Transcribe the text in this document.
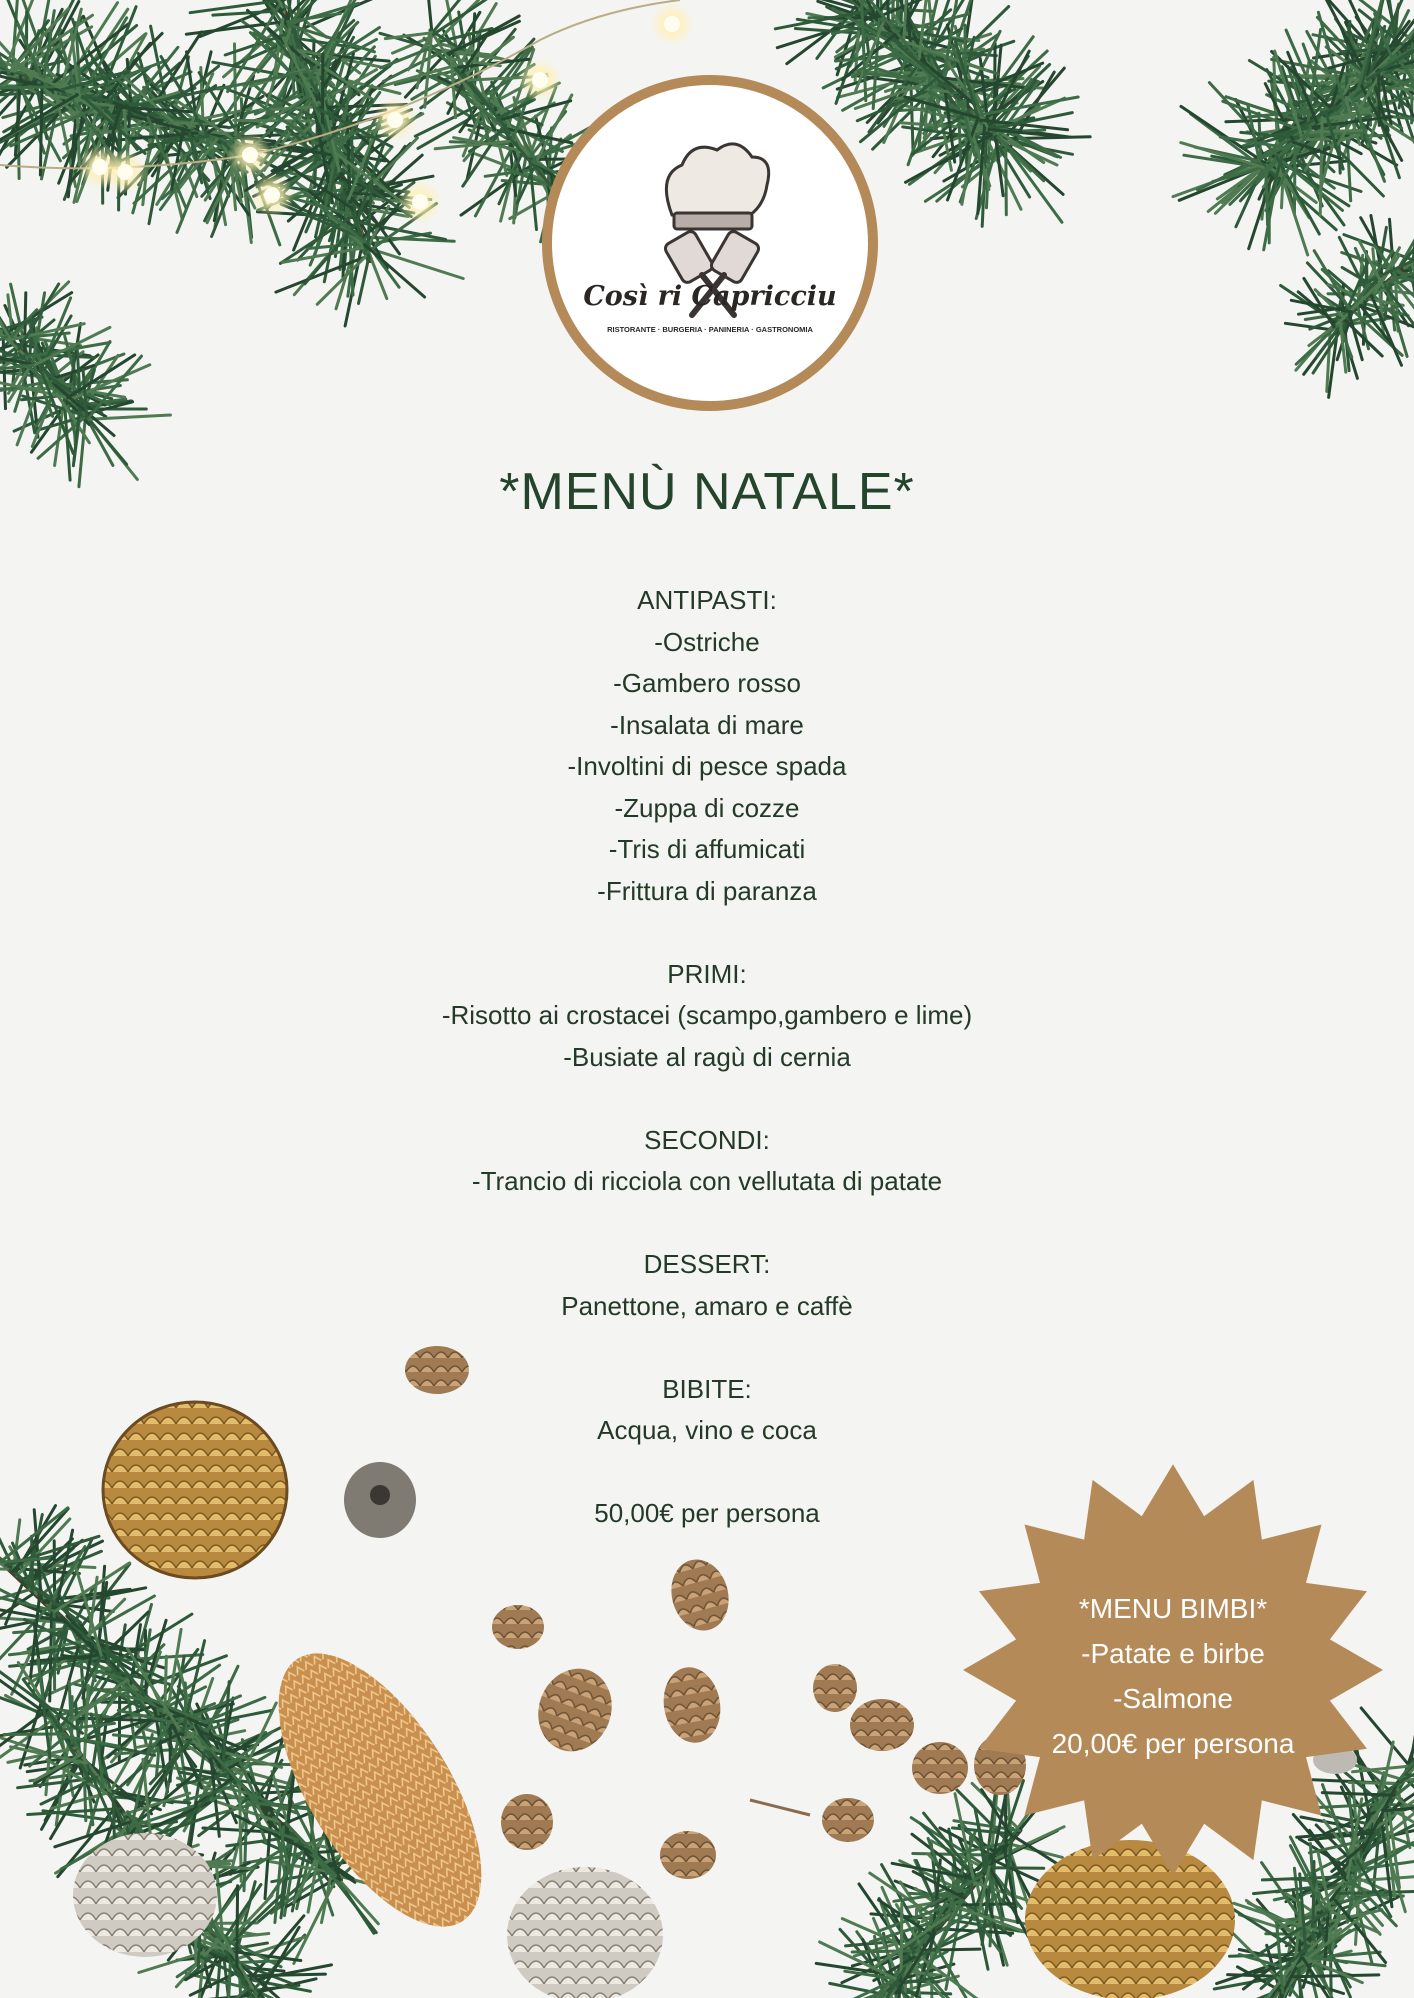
Così ri Capricciu
RISTORANTE · BURGERIA · PANINERIA · GASTRONOMIA
*MENÙ NATALE*
ANTIPASTI:
-Ostriche
-Gambero rosso
-Insalata di mare
-Involtini di pesce spada
-Zuppa di cozze
-Tris di affumicati
-Frittura di paranza
PRIMI:
-Risotto ai crostacei (scampo,gambero e lime)
-Busiate al ragù di cernia
SECONDI:
-Trancio di ricciola con vellutata di patate
DESSERT:
Panettone, amaro e caffè
BIBITE:
Acqua, vino e coca
50,00€ per persona
*MENU BIMBI*
-Patate e birbe
-Salmone
20,00€ per persona
